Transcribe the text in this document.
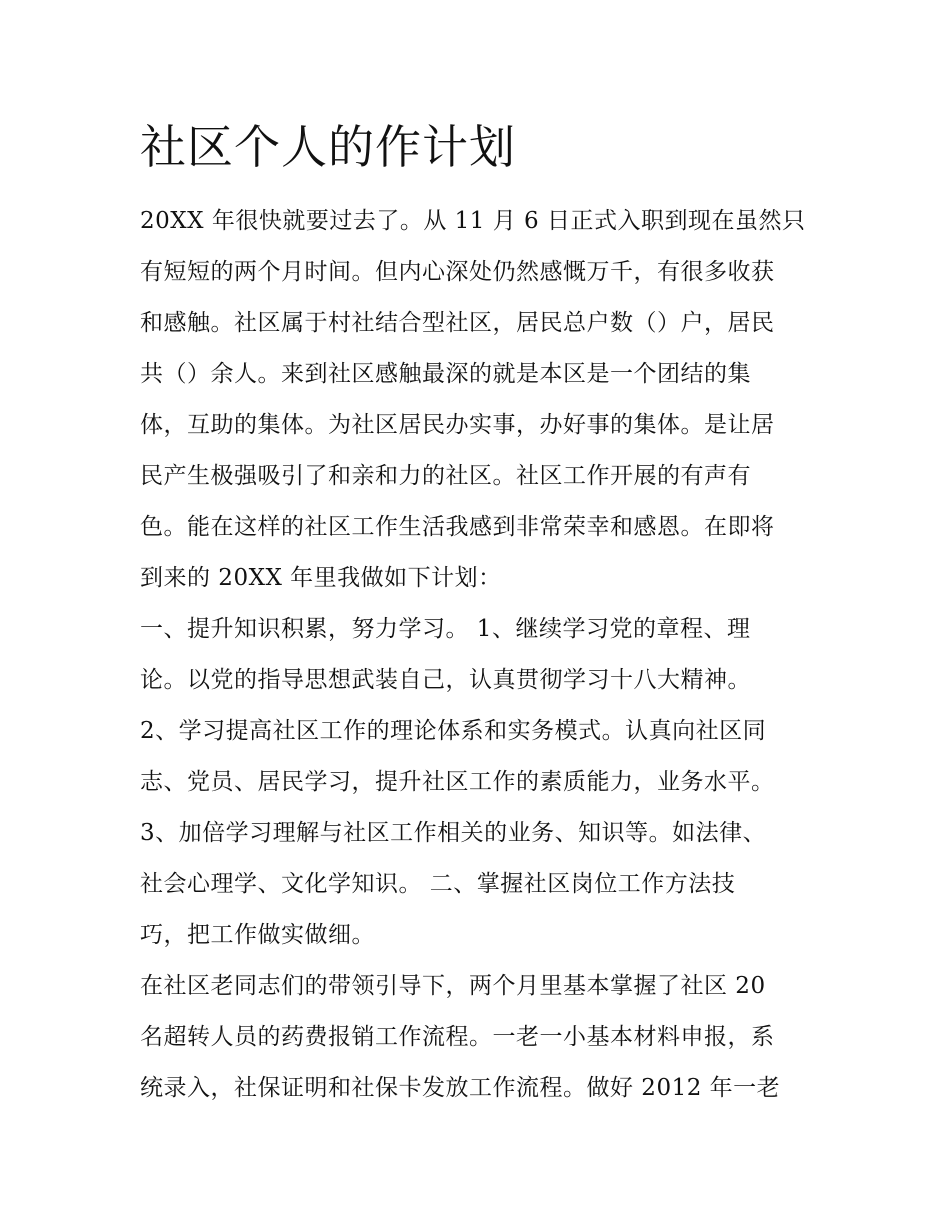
社区个人的作计划
20XX 年很快就要过去了。从 11 月 6 日正式入职到现在虽然只
有短短的两个月时间。但内心深处仍然感慨万千，有很多收获
和感触。社区属于村社结合型社区，居民总户数（）户，居民
共（）余人。来到社区感触最深的就是本区是一个团结的集
体，互助的集体。为社区居民办实事，办好事的集体。是让居
民产生极强吸引了和亲和力的社区。社区工作开展的有声有
色。能在这样的社区工作生活我感到非常荣幸和感恩。在即将
到来的 20XX 年里我做如下计划：
一、提升知识积累，努力学习。 1、继续学习党的章程、理
论。以党的指导思想武装自己，认真贯彻学习十八大精神。
2、学习提高社区工作的理论体系和实务模式。认真向社区同
志、党员、居民学习，提升社区工作的素质能力，业务水平。
3、加倍学习理解与社区工作相关的业务、知识等。如法律、
社会心理学、文化学知识。 二、掌握社区岗位工作方法技
巧，把工作做实做细。
在社区老同志们的带领引导下，两个月里基本掌握了社区 20
名超转人员的药费报销工作流程。一老一小基本材料申报，系
统录入，社保证明和社保卡发放工作流程。做好 2012 年一老
